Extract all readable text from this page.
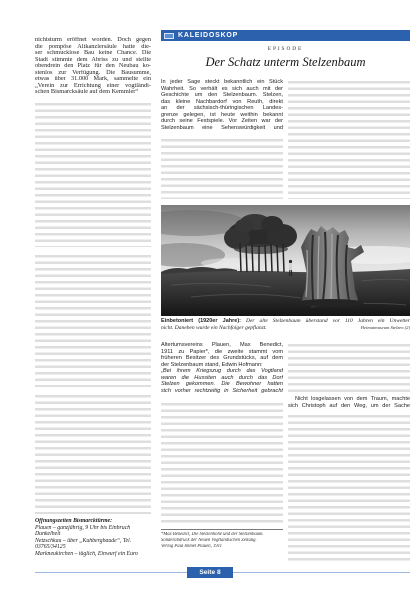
KALEIDOSKOP
nichtsturm eröffnet worden. Doch gegen
die pompöse Altkanzlersäule hatte die-
ser schmucklose Bau keine Chance. Die
Stadt stimmte dem Abriss zu und stellte
obendrein den Platz für den Neubau ko-
stenlos zur Verfügung. Die Bausumme,
etwas über 31.000 Mark, sammelte ein
„Verein zur Errichtung einer vogtländi-
schen Bismarcksäule auf dem Kemmler“
Öffnungszeiten Bismarcktürme:
Plauen – ganzjährig, 9 Uhr bis Einbruch
Dunkelheit
Netzschkau – über „Kuhbergbaude“, Tel.
03765/34125
Markneukirchen – täglich, Einwurf ein Euro
EPISODE
Der Schatz unterm Stelzenbaum
In jeder Sage steckt bekanntlich ein Stück
Wahrheit. So verhält es sich auch mit der
Geschichte um den Stelzenbaum. Stelzen,
das kleine Nachbardorf von Reuth, direkt
an der sächsisch-thüringischen Landes-
grenze gelegen, ist heute weithin bekannt
durch seine Festspiele. Vor Zeiten war der
Stelzenbaum eine Sehenswürdigkeit und
Einbetoniert (1920er Jahre): Der alte Stelzenbaum überstand vor 110 Jahren ein Unwetter
nicht. Daneben wurde ein Nachfolger gepflanzt.	Heimatmuseum Stelzen (2)
Altertumsvereins Plauen, Max Benedict,
1911 zu Papier*, die zweite stammt vom
früheren Besitzer des Grundstücks, auf dem
der Stelzenbaum stand, Edwin Hofmann:
„Bei ihrem Kriegszug durch das Vogtland
waren die Hussiten auch durch das Dorf
Stelzen gekommen. Die Bewohner hatten
sich vorher rechtzeitig in Sicherheit gebracht
*Max Benedict, Die Stelzenhöhe und der Stelzenbaum.
Sonderabdruck der Neuen Vogtländischen Zeitung.
Verlag Paul Immel Plauen, 1911
Nicht losgelassen von dem Traum, machte
sich Christoph auf den Weg, um der Sache
Seite 8
